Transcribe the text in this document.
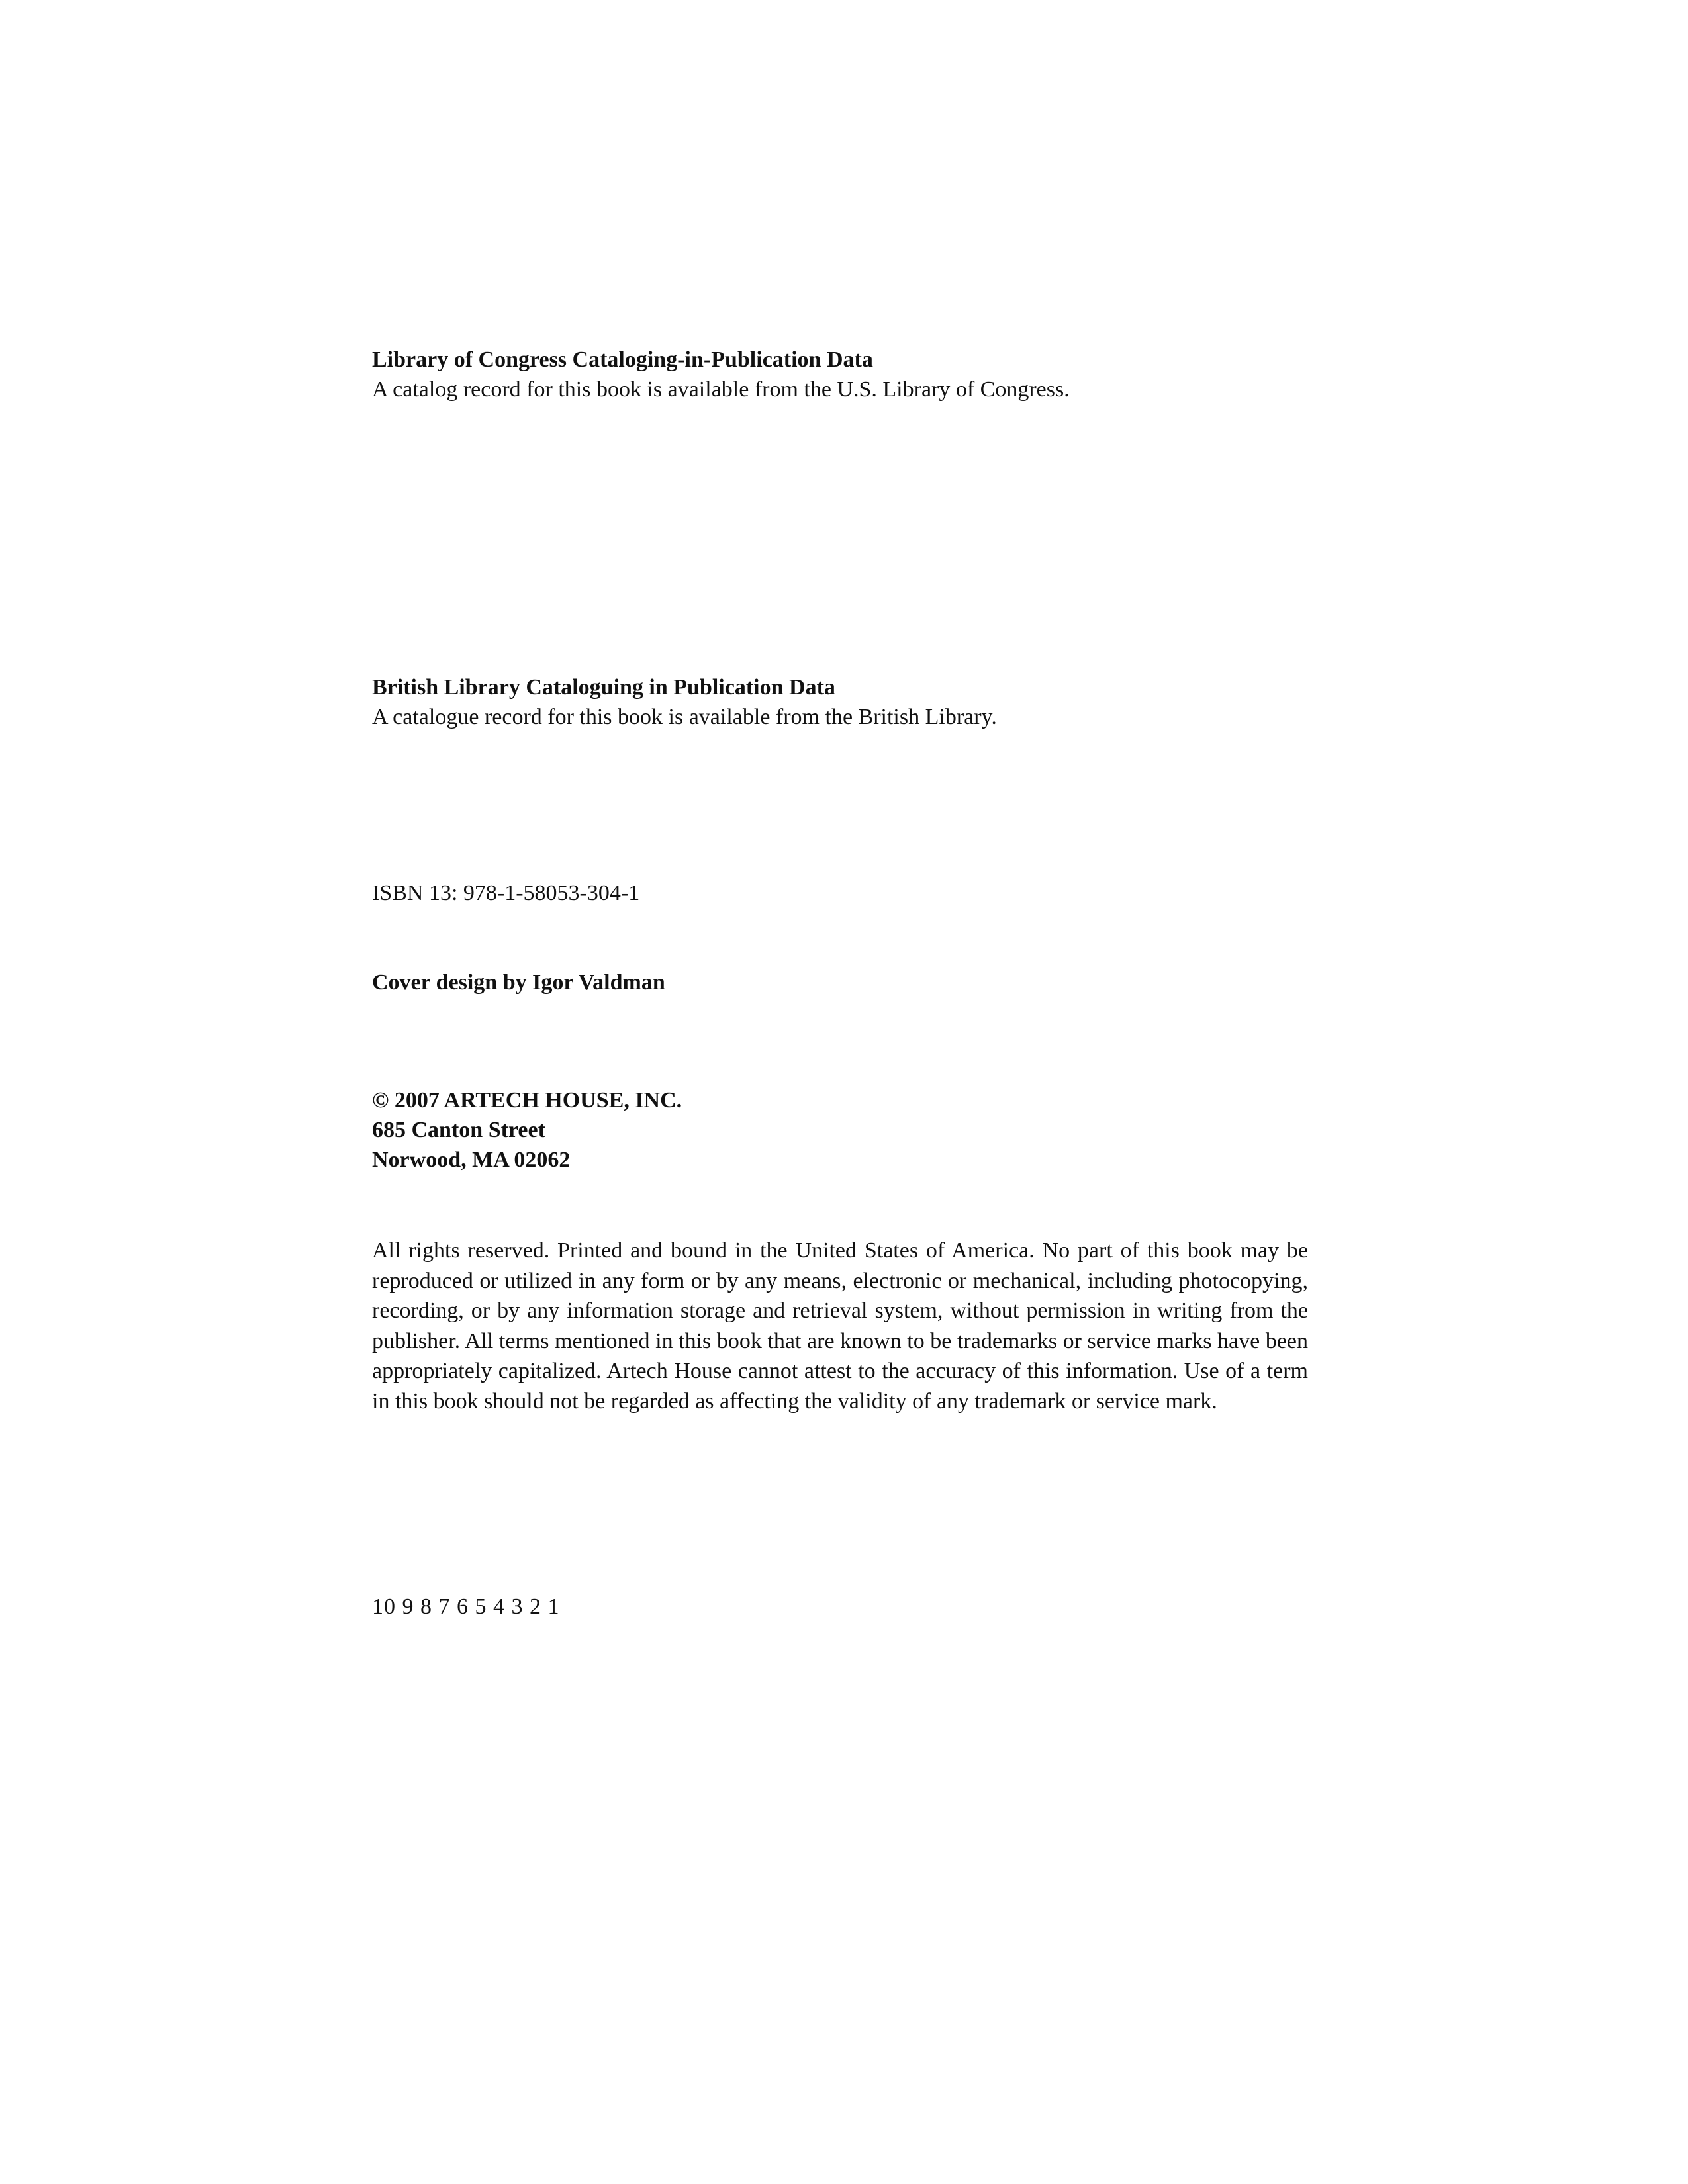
Library of Congress Cataloging-in-Publication Data
A catalog record for this book is available from the U.S. Library of Congress.
British Library Cataloguing in Publication Data
A catalogue record for this book is available from the British Library.
ISBN 13: 978-1-58053-304-1
Cover design by Igor Valdman
© 2007 ARTECH HOUSE, INC.
685 Canton Street
Norwood, MA 02062
All rights reserved. Printed and bound in the United States of America. No part of this book may be reproduced or utilized in any form or by any means, electronic or mechanical, including photocopying, recording, or by any information storage and retrieval system, without permission in writing from the publisher. All terms mentioned in this book that are known to be trademarks or service marks have been appropriately capitalized. Artech House cannot attest to the accuracy of this information. Use of a term in this book should not be regarded as affecting the validity of any trademark or service mark.
10 9 8 7 6 5 4 3 2 1
